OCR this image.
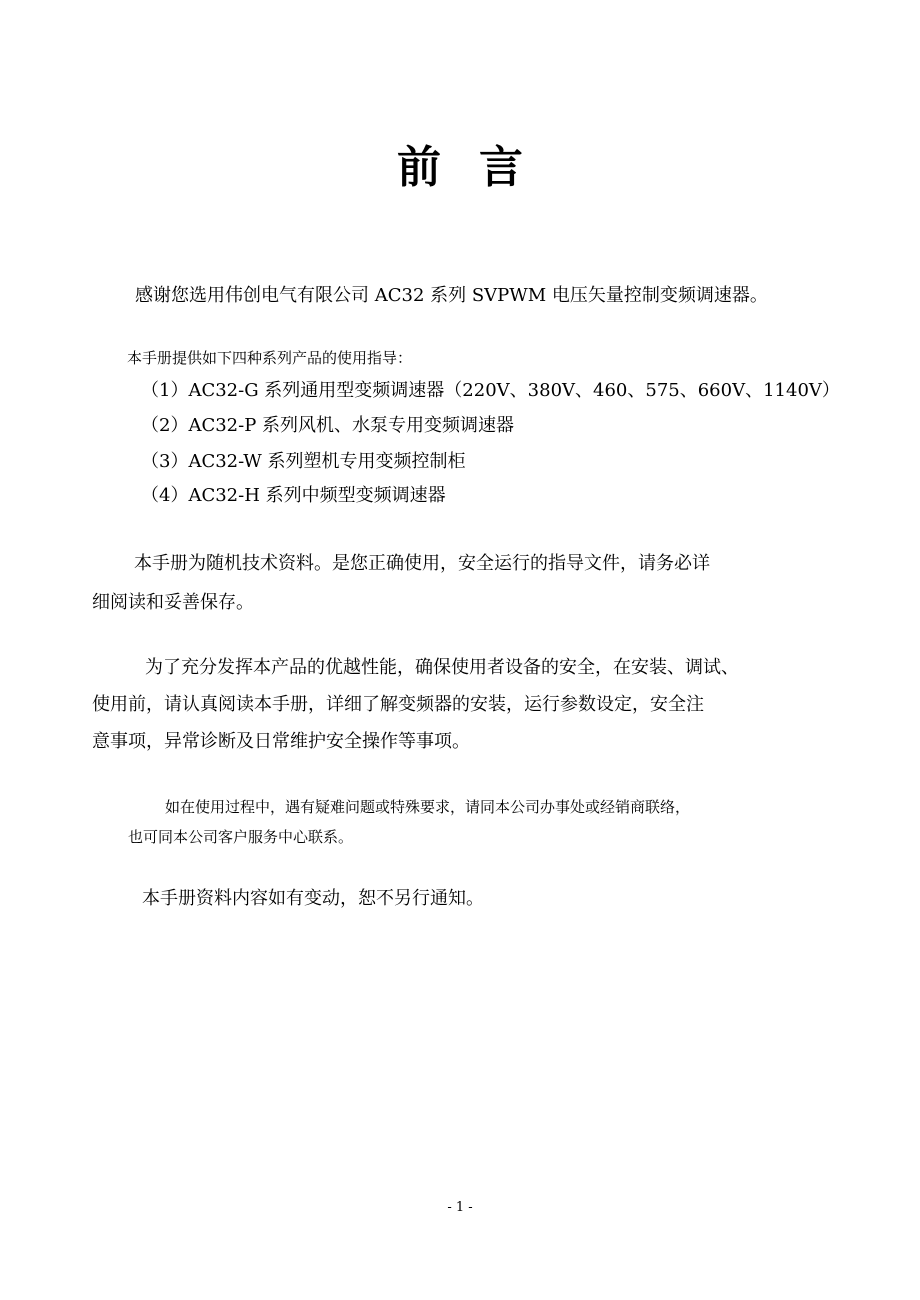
前 言

感谢您选用伟创电气有限公司 AC32 系列 SVPWM 电压矢量控制变频调速器。

本手册提供如下四种系列产品的使用指导：

（1）AC32-G 系列通用型变频调速器（220V、380V、460、575、660V、1140V）

（2）AC32-P 系列风机、水泵专用变频调速器

（3）AC32-W 系列塑机专用变频控制柜

（4）AC32-H 系列中频型变频调速器

本手册为随机技术资料。是您正确使用，安全运行的指导文件，请务必详

细阅读和妥善保存。

为了充分发挥本产品的优越性能，确保使用者设备的安全，在安装、调试、

使用前，请认真阅读本手册，详细了解变频器的安装，运行参数设定，安全注

意事项，异常诊断及日常维护安全操作等事项。

如在使用过程中，遇有疑难问题或特殊要求，请同本公司办事处或经销商联络，

也可同本公司客户服务中心联系。

本手册资料内容如有变动，恕不另行通知。

- 1 -
